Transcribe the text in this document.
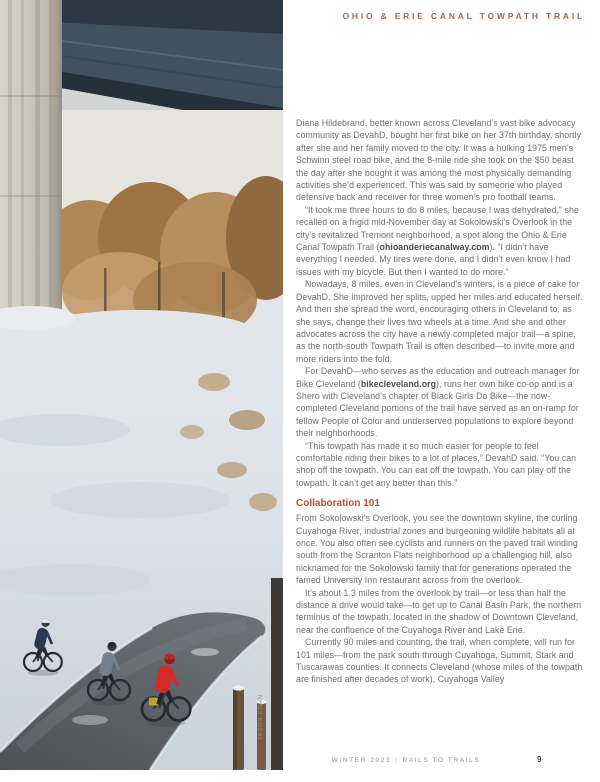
OHIO & ERIE CANAL TOWPATH TRAIL
JASON COHN

Diana Hildebrand, better known across Cleveland’s vast bike advocacy community as DevahD, bought her first bike on her 37th birthday, shortly after she and her family moved to the city. It was a hulking 1975 men’s Schwinn steel road bike, and the 8-mile ride she took on the $50 beast the day after she bought it was among the most physically demanding activities she’d experienced. This was said by someone who played defensive back and receiver for three women’s pro football teams.

“It took me three hours to do 8 miles, because I was dehydrated,” she recalled on a frigid mid-November day at Sokolowski’s Overlook in the city’s revitalized Tremont neighborhood, a spot along the Ohio & Erie Canal Towpath Trail (ohioanderiecanalway.com). “I didn’t have everything I needed. My tires were done, and I didn’t even know I had issues with my bicycle. But then I wanted to do more.”

Nowadays, 8 miles, even in Cleveland’s winters, is a piece of cake for DevahD. She improved her splits, upped her miles and educated herself. And then she spread the word, encouraging others in Cleveland to, as she says, change their lives two wheels at a time. And she and other advocates across the city have a newly completed major trail—a spine, as the north-south Towpath Trail is often described—to invite more and more riders into the fold.

For DevahD—who serves as the education and outreach manager for Bike Cleveland (bikecleveland.org), runs her own bike co-op and is a Shero with Cleveland’s chapter of Black Girls Do Bike—the now-completed Cleveland portions of the trail have served as an on-ramp for fellow People of Color and underserved populations to explore beyond their neighborhoods.

“This towpath has made it so much easier for people to feel comfortable riding their bikes to a lot of places,” DevahD said. “You can shop off the towpath. You can eat off the towpath. You can play off the towpath. It can’t get any better than this.”

Collaboration 101

From Sokolowski’s Overlook, you see the downtown skyline, the curling Cuyahoga River, industrial zones and burgeoning wildlife habitats all at once. You also often see cyclists and runners on the paved trail winding south from the Scranton Flats neighborhood up a challenging hill, also nicknamed for the Sokolowski family that for generations operated the famed University Inn restaurant across from the overlook.

It’s about 1.3 miles from the overlook by trail—or less than half the distance a drive would take—to get up to Canal Basin Park, the northern terminus of the towpath, located in the shadow of Downtown Cleveland, near the confluence of the Cuyahoga River and Lake Erie.

Currently 90 miles and counting, the trail, when complete, will run for 101 miles—from the park south through Cuyahoga, Summit, Stark and Tuscarawas counties. It connects Cleveland (whose miles of the towpath are finished after decades of work), Cuyahoga Valley

WINTER 2023 | RAILS TO TRAILS	9
